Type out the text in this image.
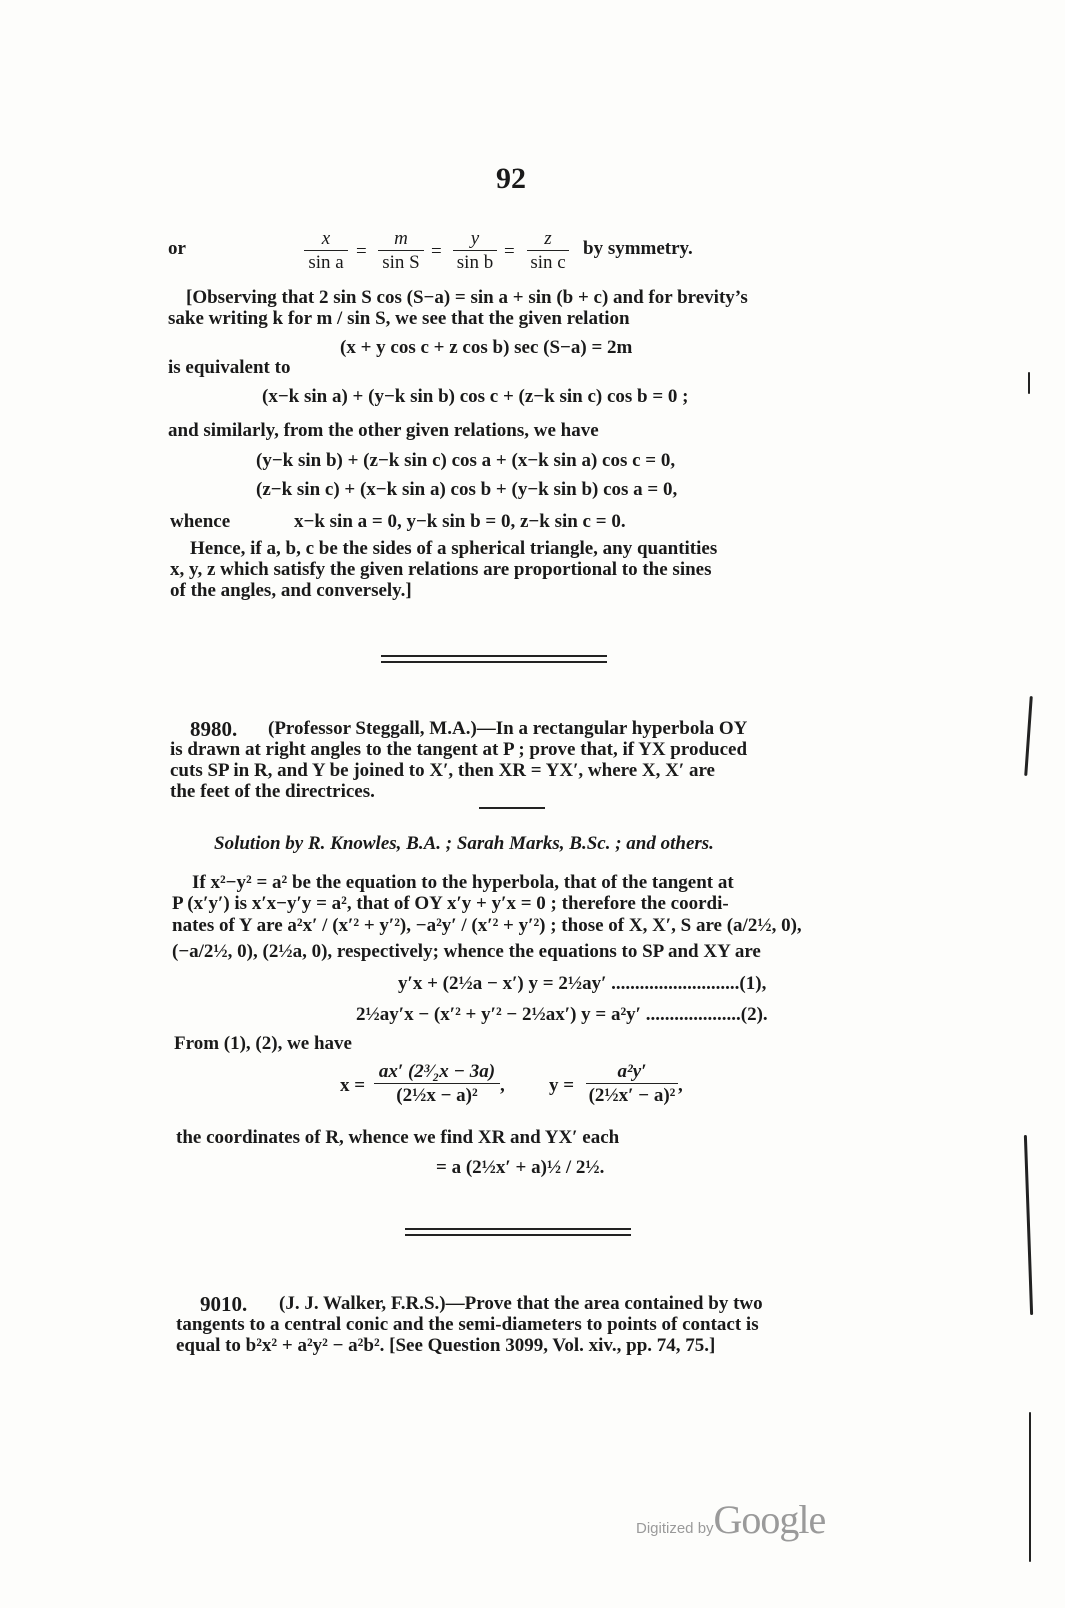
92
or	x
sin a
=
m
sin S
=
y
sin b
=
z
sin c
by symmetry.
[Observing that 2 sin S cos (S−a) = sin a + sin (b + c) and for brevity’s
sake writing k for m / sin S, we see that the given relation
(x + y cos c + z cos b) sec (S−a) = 2m
is equivalent to
(x−k sin a) + (y−k sin b) cos c + (z−k sin c) cos b = 0 ;
and similarly, from the other given relations, we have
(y−k sin b) + (z−k sin c) cos a + (x−k sin a) cos c = 0,
(z−k sin c) + (x−k sin a) cos b + (y−k sin b) cos a = 0,
whence	x−k sin a = 0, y−k sin b = 0, z−k sin c = 0.
Hence, if a, b, c be the sides of a spherical triangle, any quantities
x, y, z which satisfy the given relations are proportional to the sines
of the angles, and conversely.]
8980. (Professor Steggall, M.A.)—In a rectangular hyperbola OY
is drawn at right angles to the tangent at P ; prove that, if YX produced
cuts SP in R, and Y be joined to X′, then XR = YX′, where X, X′ are
the feet of the directrices.
Solution by R. Knowles, B.A. ; Sarah Marks, B.Sc. ; and others.
If x²−y² = a² be the equation to the hyperbola, that of the tangent at
P (x′y′) is x′x−y′y = a², that of OY x′y + y′x = 0 ; therefore the coordi-
nates of Y are a²x′ / (x′² + y′²), −a²y′ / (x′² + y′²) ; those of X, X′, S are (a/2½, 0),
(−a/2½, 0), (2½a, 0), respectively; whence the equations to SP and XY are
y′x + (2½a − x′) y = 2½ay′ ...........................(1),
2½ay′x − (x′² + y′² − 2½ax′) y = a²y′ ....................(2).
From (1), (2), we have
x =
ax′ (2³⁄₂x − 3a)
(2½x − a)²	, y =
a²y′
(2½x′ − a)² ,
the coordinates of R, whence we find XR and YX′ each
= a (2½x′ + a)½ / 2½.
9010. (J. J. Walker, F.R.S.)—Prove that the area contained by two
tangents to a central conic and the semi-diameters to points of contact is
equal to b²x² + a²y² − a²b². [See Question 3099, Vol. xiv., pp. 74, 75.]
Digitized byGoogle
